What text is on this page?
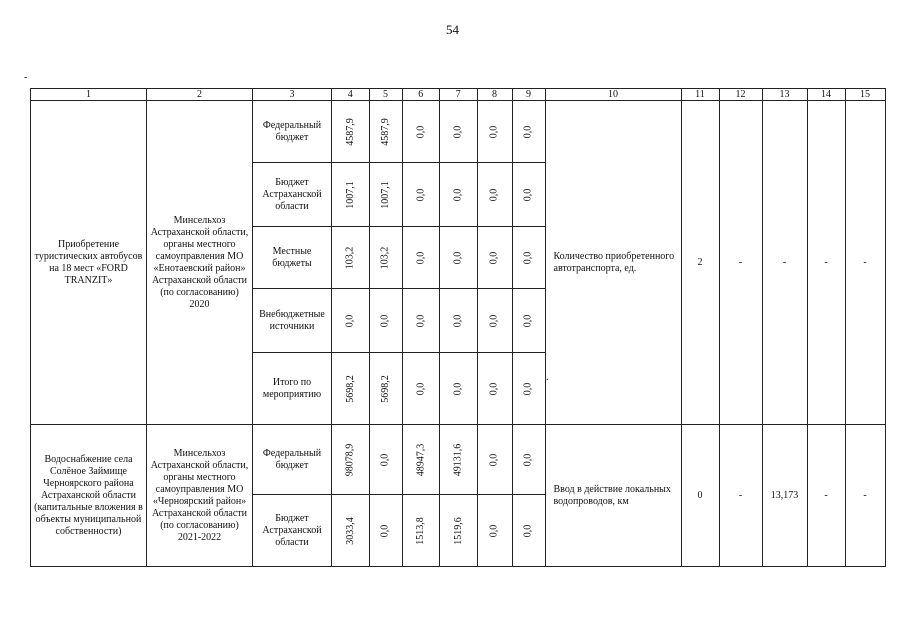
54
.
1	2	3	4	5	6	7	8	9	10	11	12	13	14	15
Приобретение туристических автобусов на 18 мест «FORD TRANZIT»	Минсельхоз Астраханской области, органы местного самоуправления МО «Енотаевский район» Астраханской области (по согласованию) 2020	Федеральный бюджет	4587,9	4587,9	0,0	0,0	0,0	0,0	Количество приобретенного автотранспорта, ед.	2	-	-	-	-
		Бюджет Астраханской области	1007,1	1007,1	0,0	0,0	0,0	0,0						
		Местные бюджеты	103,2	103,2	0,0	0,0	0,0	0,0						
		Внебюджетные источники	0,0	0,0	0,0	0,0	0,0	0,0						
		Итого по мероприятию	5698,2	5698,2	0,0	0,0	0,0	0,0						
Водоснабжение села Солёное Займище Черноярского района Астраханской области (капитальные вложения в объекты муниципальной собственности)	Минсельхоз Астраханской области, органы местного самоуправления МО «Черноярский район» Астраханской области (по согласованию) 2021-2022	Федеральный бюджет	98078,9	0,0	48947,3	49131,6	0,0	0,0	Ввод в действие локальных водопроводов, км	0	-	13,173	-	-
		Бюджет Астраханской области	3033,4	0,0	1513,8	1519,6	0,0	0,0						
-
